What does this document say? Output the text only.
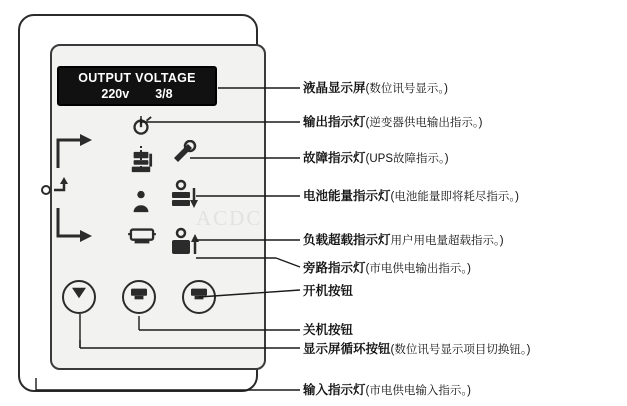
OUTPUT VOLTAGE
220v 3/8
ACDC
液晶显示屏(数位讯号显示。)
输出指示灯(逆变器供电输出指示。)
故障指示灯(UPS故障指示。)
电池能量指示灯(电池能量即将耗尽指示。)
负载超载指示灯用户用电量超载指示。)
旁路指示灯(市电供电输出指示。)
开机按钮
关机按钮
显示屏循环按钮(数位讯号显示项目切换钮。)
输入指示灯(市电供电输入指示。)
